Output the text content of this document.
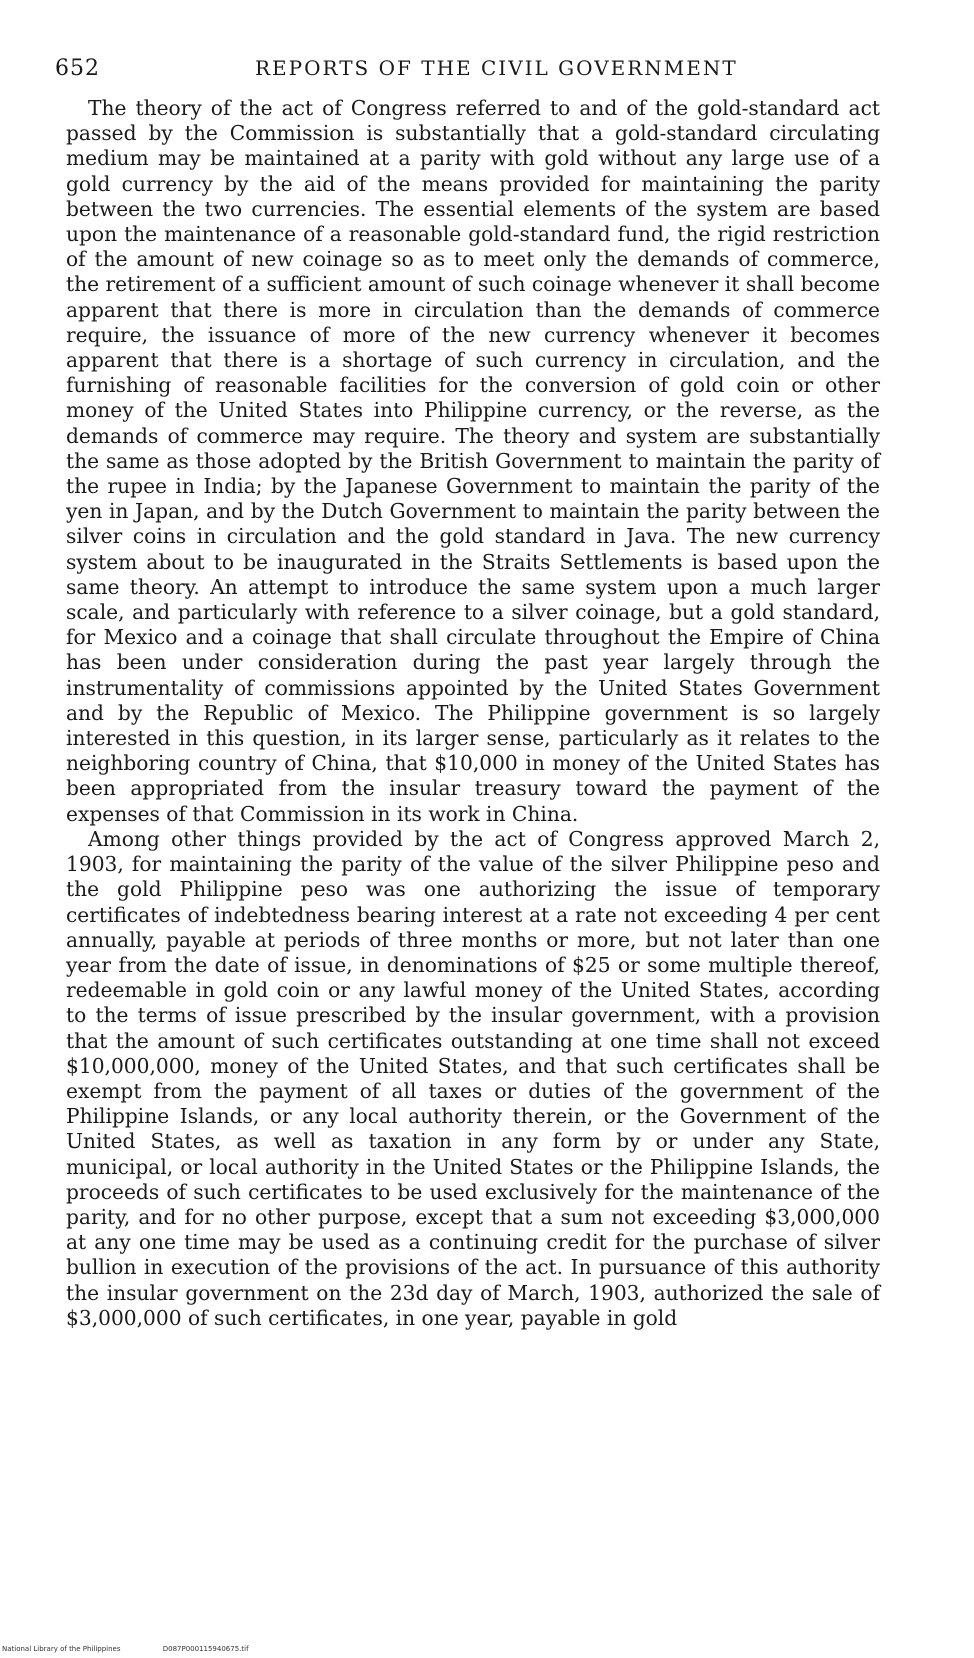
652	REPORTS OF THE CIVIL GOVERNMENT

The theory of the act of Congress referred to and of the gold-standard act passed by the Commission is substantially that a gold-standard circulating medium may be maintained at a parity with gold without any large use of a gold currency by the aid of the means provided for maintaining the parity between the two currencies. The essential elements of the system are based upon the maintenance of a reasonable gold-standard fund, the rigid restriction of the amount of new coinage so as to meet only the demands of commerce, the retirement of a sufficient amount of such coinage whenever it shall become apparent that there is more in circulation than the demands of commerce require, the issuance of more of the new currency whenever it becomes apparent that there is a shortage of such currency in circulation, and the furnishing of reasonable facilities for the conversion of gold coin or other money of the United States into Philippine currency, or the reverse, as the demands of commerce may require. The theory and system are substantially the same as those adopted by the British Government to maintain the parity of the rupee in India; by the Japanese Government to maintain the parity of the yen in Japan, and by the Dutch Government to maintain the parity between the silver coins in circulation and the gold standard in Java. The new currency system about to be inaugurated in the Straits Settlements is based upon the same theory. An attempt to introduce the same system upon a much larger scale, and particularly with reference to a silver coinage, but a gold standard, for Mexico and a coinage that shall circulate throughout the Empire of China has been under consideration during the past year largely through the instrumentality of commissions appointed by the United States Government and by the Republic of Mexico. The Philippine government is so largely interested in this question, in its larger sense, particularly as it relates to the neighboring country of China, that $10,000 in money of the United States has been appropriated from the insular treasury toward the payment of the expenses of that Commission in its work in China.

Among other things provided by the act of Congress approved March 2, 1903, for maintaining the parity of the value of the silver Philippine peso and the gold Philippine peso was one authorizing the issue of temporary certificates of indebtedness bearing interest at a rate not exceeding 4 per cent annually, payable at periods of three months or more, but not later than one year from the date of issue, in denominations of $25 or some multiple thereof, redeemable in gold coin or any lawful money of the United States, according to the terms of issue prescribed by the insular government, with a provision that the amount of such certificates outstanding at one time shall not exceed $10,000,000, money of the United States, and that such certificates shall be exempt from the payment of all taxes or duties of the government of the Philippine Islands, or any local authority therein, or the Government of the United States, as well as taxation in any form by or under any State, municipal, or local authority in the United States or the Philippine Islands, the proceeds of such certificates to be used exclusively for the maintenance of the parity, and for no other purpose, except that a sum not exceeding $3,000,000 at any one time may be used as a continuing credit for the purchase of silver bullion in execution of the provisions of the act. In pursuance of this authority the insular government on the 23d day of March, 1903, authorized the sale of $3,000,000 of such certificates, in one year, payable in gold

National Library of the Philippines	D087P000115940675.tif
